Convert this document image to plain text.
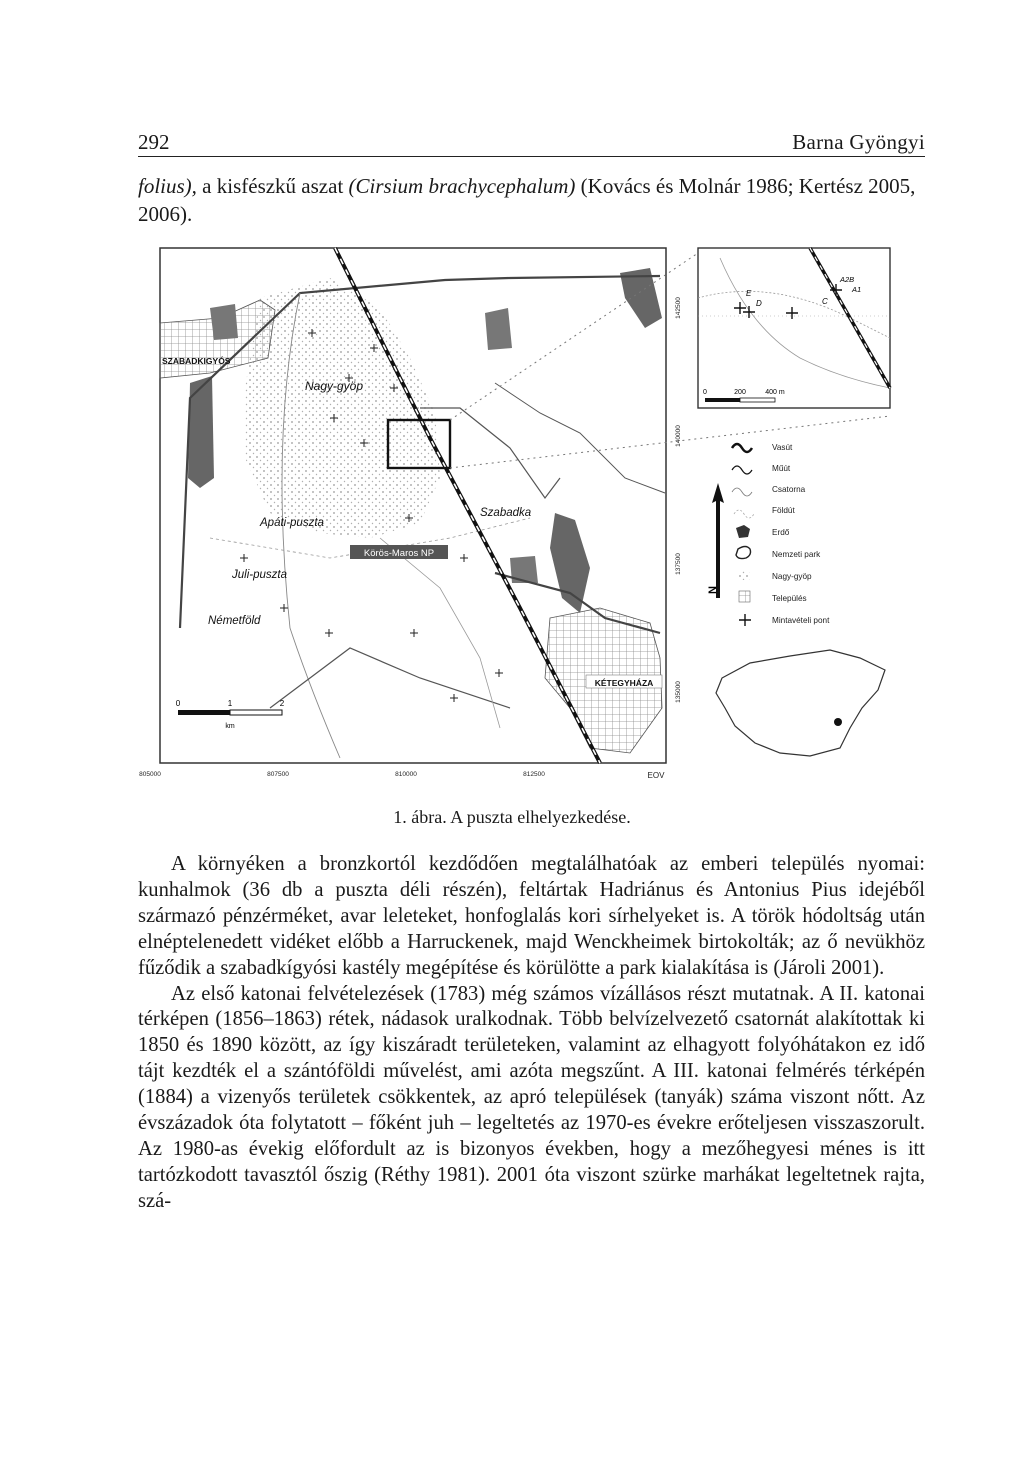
292	Barna Gyöngyi
folius), a kisfészkű aszat (Cirsium brachycephalum) (Kovács és Molnár 1986; Kertész 2005, 2006).
SZABADKIGYÓS
Nagy-gyöp
Szabadka
Apáti-puszta
Juli-puszta
Németföld
Körös-Maros NP
KÉTEGYHÁZA
0	1	2
km
805000	807500	810000	812500	EOV
142500
140000
137500
135000
E
D	C
A2B
A1
0	200	400 m
N
Vasút
Műút
Csatorna
Földút
Erdő
Nemzeti park
Nagy-gyöp
Település
Mintavételi pont
1. ábra. A puszta elhelyezkedése.

A környéken a bronzkortól kezdődően megtalálhatóak az emberi település nyomai: kunhalmok (36 db a puszta déli részén), feltártak Hadriánus és Antonius Pius idejéből származó pénzérméket, avar leleteket, honfoglalás kori sírhelyeket is. A török hódoltság után elnéptelenedett vidéket előbb a Harruckenek, majd Wenckheimek birtokolták; az ő nevükhöz fűződik a szabadkígyósi kastély megépítése és körülötte a park kialakítása is (Jároli 2001).

Az első katonai felvételezések (1783) még számos vízállásos részt mutatnak. A II. katonai térképen (1856–1863) rétek, nádasok uralkodnak. Több belvízelvezető csatornát alakítottak ki 1850 és 1890 között, az így kiszáradt területeken, valamint az elhagyott folyóhátakon ez idő tájt kezdték el a szántóföldi művelést, ami azóta megszűnt. A III. katonai felmérés térképén (1884) a vizenyős területek csökkentek, az apró települések (tanyák) száma viszont nőtt. Az évszázadok óta folytatott – főként juh – legeltetés az 1970-es évekre erőteljesen visszaszorult. Az 1980-as évekig előfordult az is bizonyos években, hogy a mezőhegyesi ménes is itt tartózkodott tavasztól őszig (Réthy 1981). 2001 óta viszont szürke marhákat legeltetnek rajta, szá-
